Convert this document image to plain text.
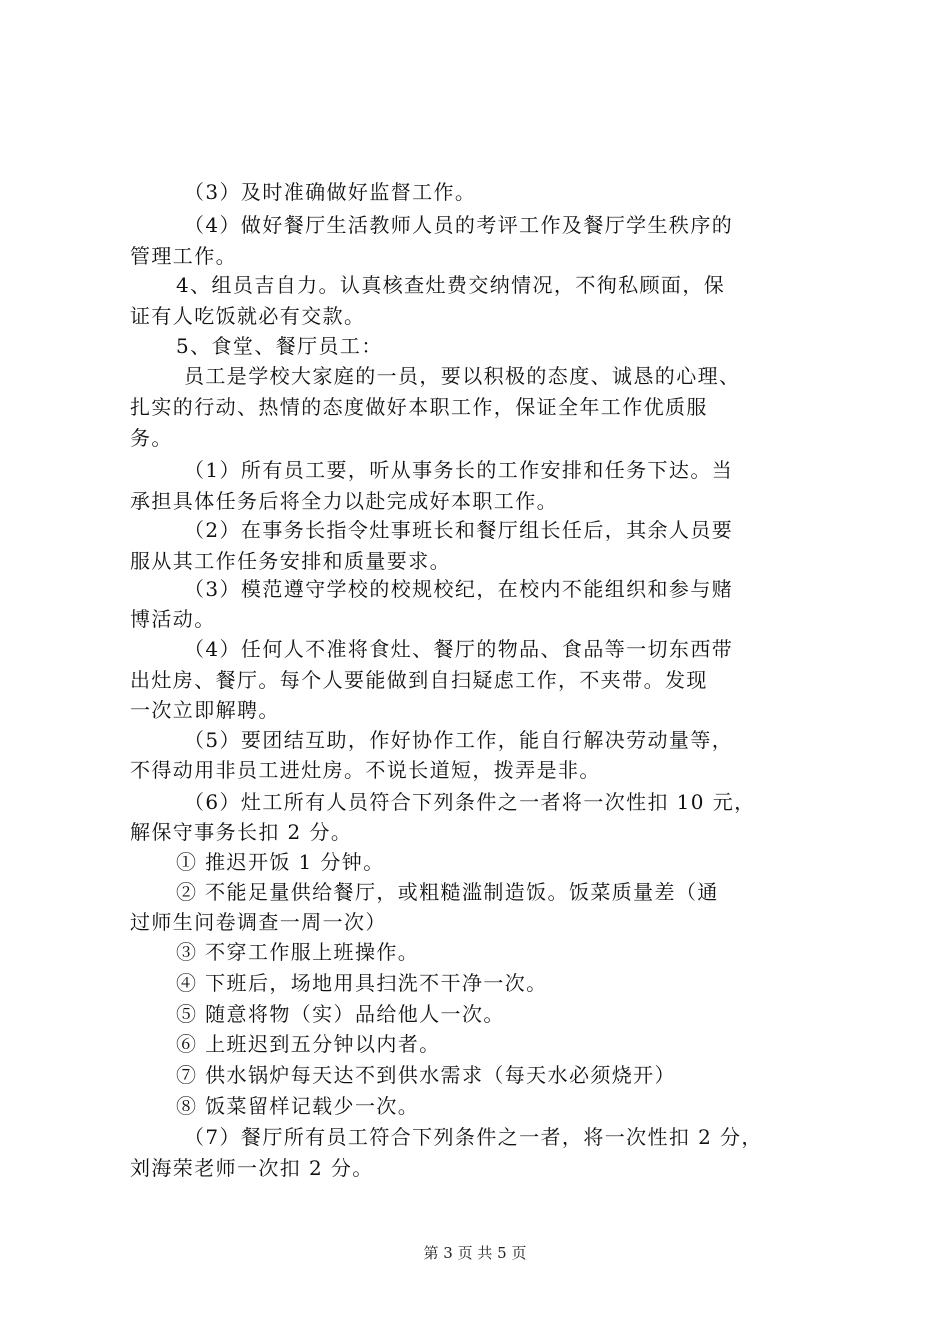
（3）及时准确做好监督工作。
（4）做好餐厅生活教师人员的考评工作及餐厅学生秩序的
管理工作。
4、组员吉自力。认真核查灶费交纳情况，不徇私顾面，保
证有人吃饭就必有交款。
5、食堂、餐厅员工：
员工是学校大家庭的一员，要以积极的态度、诚恳的心理、
扎实的行动、热情的态度做好本职工作，保证全年工作优质服
务。
（1）所有员工要，听从事务长的工作安排和任务下达。当
承担具体任务后将全力以赴完成好本职工作。
（2）在事务长指令灶事班长和餐厅组长任后，其余人员要
服从其工作任务安排和质量要求。
（3）模范遵守学校的校规校纪，在校内不能组织和参与赌
博活动。
（4）任何人不准将食灶、餐厅的物品、食品等一切东西带
出灶房、餐厅。每个人要能做到自扫疑虑工作，不夹带。发现
一次立即解聘。
（5）要团结互助，作好协作工作，能自行解决劳动量等，
不得动用非员工进灶房。不说长道短，拨弄是非。
（6）灶工所有人员符合下列条件之一者将一次性扣 10 元，
解保守事务长扣 2 分。
① 推迟开饭 1 分钟。
② 不能足量供给餐厅，或粗糙滥制造饭。饭菜质量差（通
过师生问卷调查一周一次）
③ 不穿工作服上班操作。
④ 下班后，场地用具扫洗不干净一次。
⑤ 随意将物（实）品给他人一次。
⑥ 上班迟到五分钟以内者。
⑦ 供水锅炉每天达不到供水需求（每天水必须烧开）
⑧ 饭菜留样记载少一次。
（7）餐厅所有员工符合下列条件之一者，将一次性扣 2 分，
刘海荣老师一次扣 2 分。
第 3 页 共 5 页
